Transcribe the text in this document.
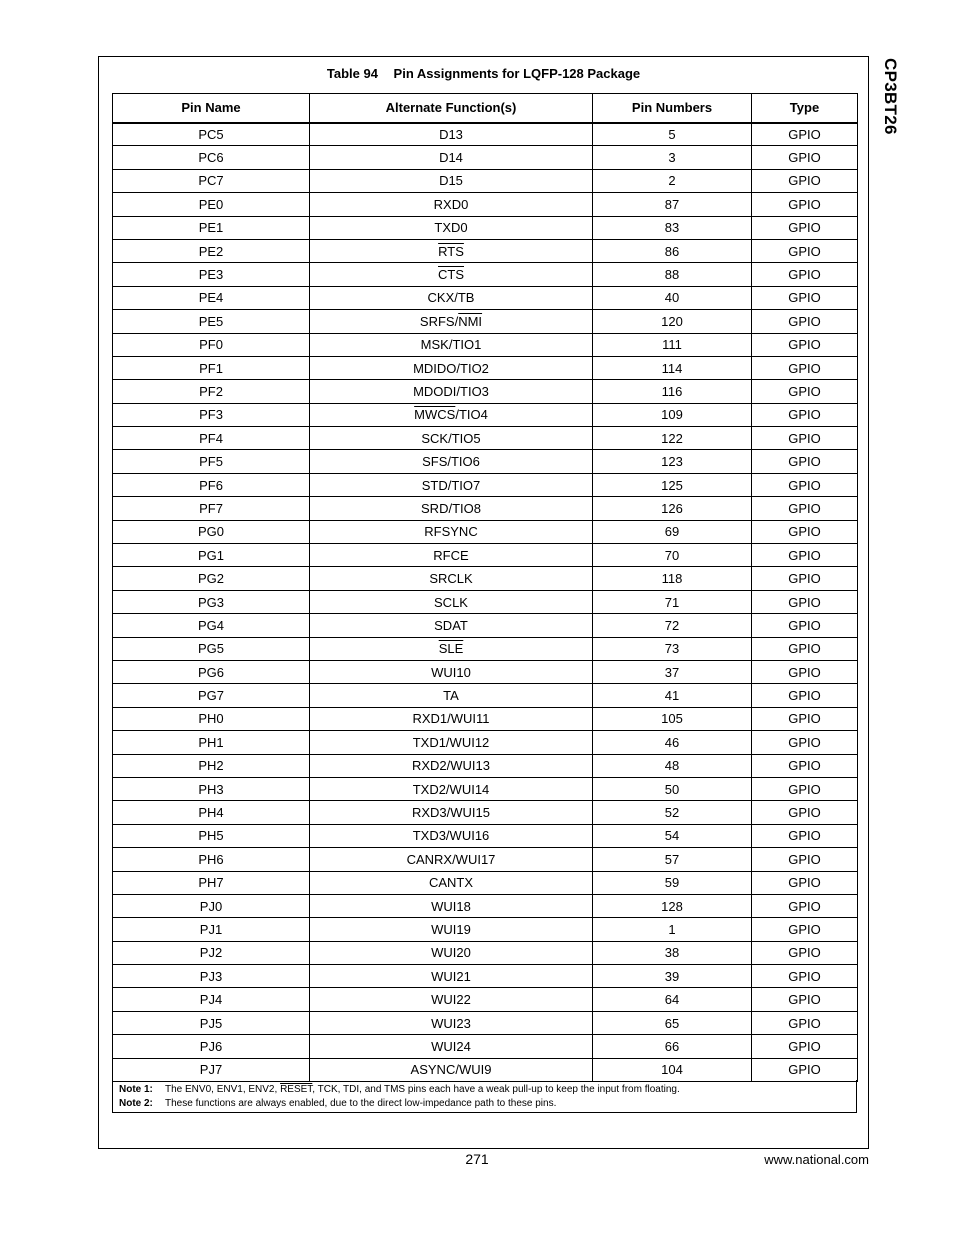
CP3BT26
Table 94 Pin Assignments for LQFP-128 Package
Pin Name	Alternate Function(s)	Pin Numbers	Type
PC5	D13	5	GPIO
PC6	D14	3	GPIO
PC7	D15	2	GPIO
PE0	RXD0	87	GPIO
PE1	TXD0	83	GPIO
PE2	$\overline{RTS}$	86	GPIO
PE3	$\overline{CTS}$	88	GPIO
PE4	CKX/TB	40	GPIO
PE5	SRFS/$\overline{NMI}$	120	GPIO
PF0	MSK/TIO1	111	GPIO
PF1	MDIDO/TIO2	114	GPIO
PF2	MDODI/TIO3	116	GPIO
PF3	MWCS/TIO4	109	GPIO
PF4	SCK/TIO5	122	GPIO
PF5	SFS/TIO6	123	GPIO
PF6	STD/TIO7	125	GPIO
PF7	SRD/TIO8	126	GPIO
PG0	RFSYNC	69	GPIO
PG1	RFCE	70	GPIO
PG2	SRCLK	118	GPIO
PG3	SCLK	71	GPIO
PG4	SDAT	72	GPIO
PG5	$\overline{SLE}$	73	GPIO
PG6	WUI10	37	GPIO
PG7	TA	41	GPIO
PH0	RXD1/WUI11	105	GPIO
PH1	TXD1/WUI12	46	GPIO
PH2	RXD2/WUI13	48	GPIO
PH3	TXD2/WUI14	50	GPIO
PH4	RXD3/WUI15	52	GPIO
PH5	TXD3/WUI16	54	GPIO
PH6	CANRX/WUI17	57	GPIO
PH7	CANTX	59	GPIO
PJ0	WUI18	128	GPIO
PJ1	WUI19	1	GPIO
PJ2	WUI20	38	GPIO
PJ3	WUI21	39	GPIO
PJ4	WUI22	64	GPIO
PJ5	WUI23	65	GPIO
PJ6	WUI24	66	GPIO
PJ7	ASYNC/WUI9	104	GPIO
Note 1: The ENV0, ENV1, ENV2, RESET, TCK, TDI, and TMS pins each have a weak pull-up to keep the input from floating.
Note 2: These functions are always enabled, due to the direct low-impedance path to these pins.
271	www.national.com
